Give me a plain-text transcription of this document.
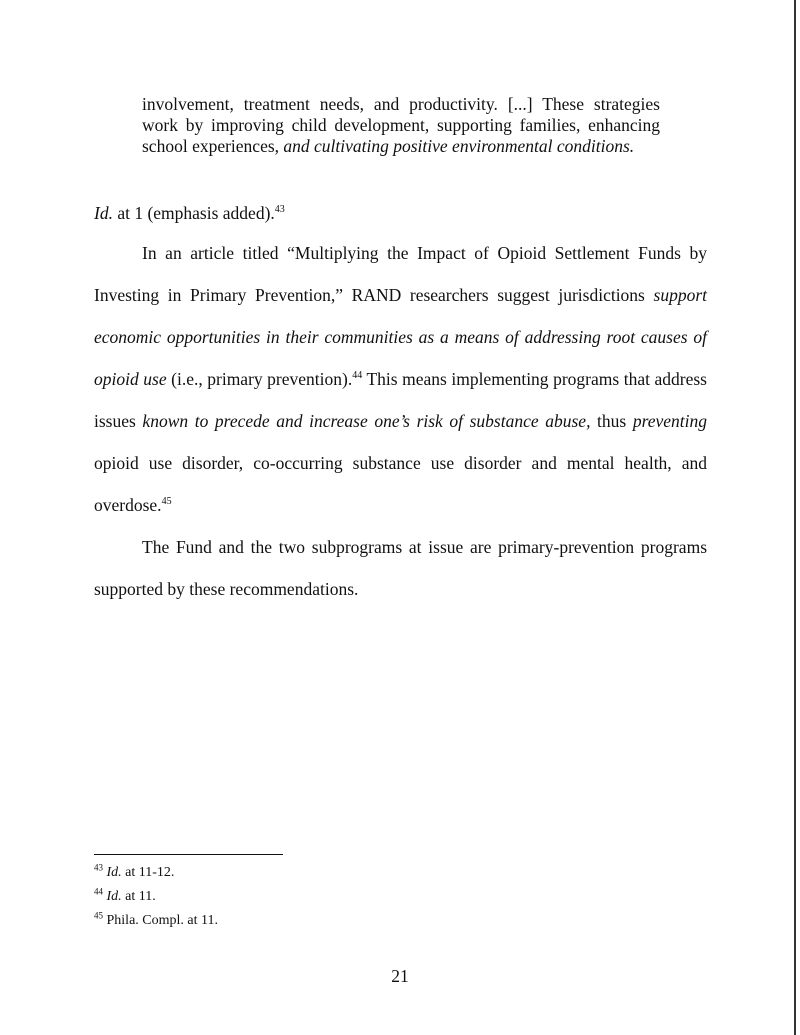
involvement, treatment needs, and productivity. [...] These strategies work by improving child development, supporting families, enhancing school experiences, and cultivating positive environmental conditions.

Id. at 1 (emphasis added).$^{43}$

In an article titled “Multiplying the Impact of Opioid Settlement Funds by Investing in Primary Prevention,” RAND researchers suggest jurisdictions support economic opportunities in their communities as a means of addressing root causes of opioid use (i.e., primary prevention).$^{44}$ This means implementing programs that address issues known to precede and increase one’s risk of substance abuse, thus preventing opioid use disorder, co-occurring substance use disorder and mental health, and overdose.$^{45}$

The Fund and the two subprograms at issue are primary-prevention programs supported by these recommendations.

$^{43}$ Id. at 11-12.

$^{44}$ Id. at 11.

$^{45}$ Phila. Compl. at 11.

21
